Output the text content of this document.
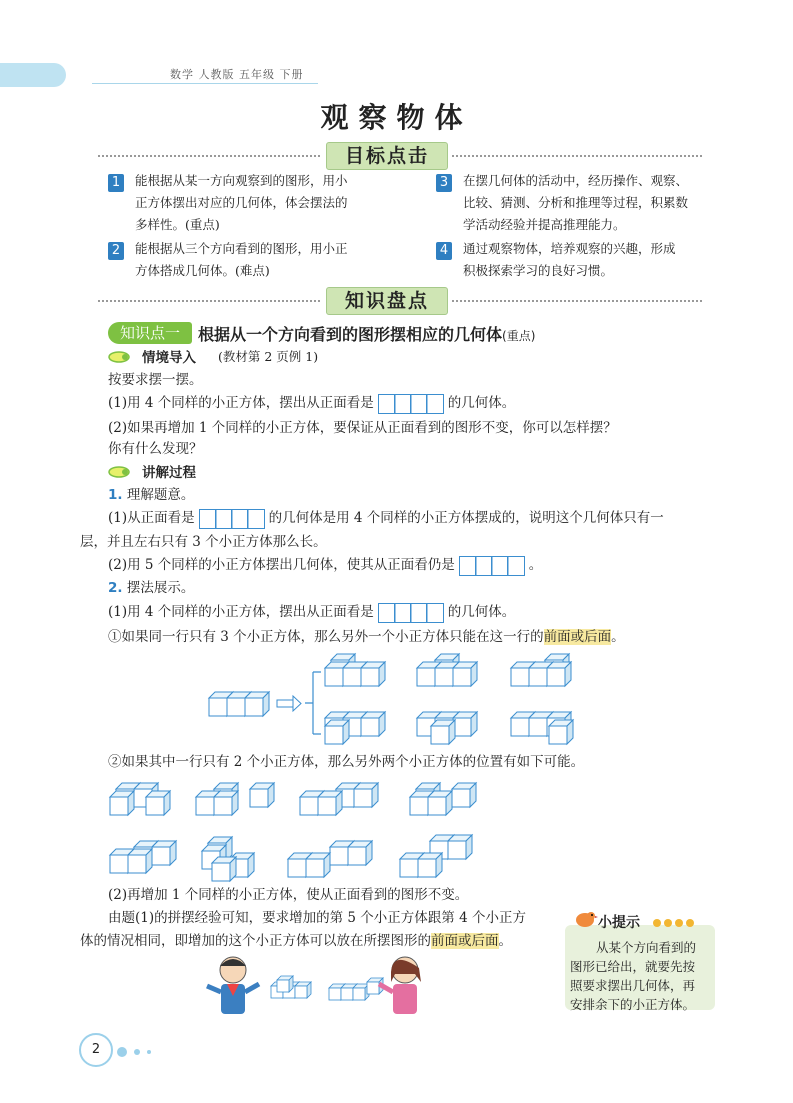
数学 人教版 五年级 下册
观察物体
目标点击
1	能根据从某一方向观察到的图形，用小
正方体摆出对应的几何体，体会摆法的
多样性。(重点)
2	能根据从三个方向看到的图形，用小正
方体搭成几何体。(难点)
3	在摆几何体的活动中，经历操作、观察、
比较、猜测、分析和推理等过程，积累数
学活动经验并提高推理能力。
4	通过观察物体，培养观察的兴趣，形成
积极探索学习的良好习惯。
知识盘点
知识点一	根据从一个方向看到的图形摆相应的几何体(重点)
情境导入 (教材第 2 页例 1)
按要求摆一摆。
(1)用 4 个同样的小正方体，摆出从正面看是	的几何体。
(2)如果再增加 1 个同样的小正方体，要保证从正面看到的图形不变，你可以怎样摆？
你有什么发现？
讲解过程
1. 理解题意。
(1)从正面看是	的几何体是用 4 个同样的小正方体摆成的，说明这个几何体只有一
层，并且左右只有 3 个小正方体那么长。
(2)用 5 个同样的小正方体摆出几何体，使其从正面看仍是	。
2. 摆法展示。
(1)用 4 个同样的小正方体，摆出从正面看是	的几何体。
①如果同一行只有 3 个小正方体，那么另外一个小正方体只能在这一行的前面或后面。
②如果其中一行只有 2 个小正方体，那么另外两个小正方体的位置有如下可能。
(2)再增加 1 个同样的小正方体，使从正面看到的图形不变。
由题(1)的拼摆经验可知，要求增加的第 5 个小正方体跟第 4 个小正方
体的情况相同，即增加的这个小正方体可以放在所摆图形的前面或后面。
小提示
从某个方向看到的
图形已给出，就要先按
照要求摆出几何体，再
安排余下的小正方体。
2
